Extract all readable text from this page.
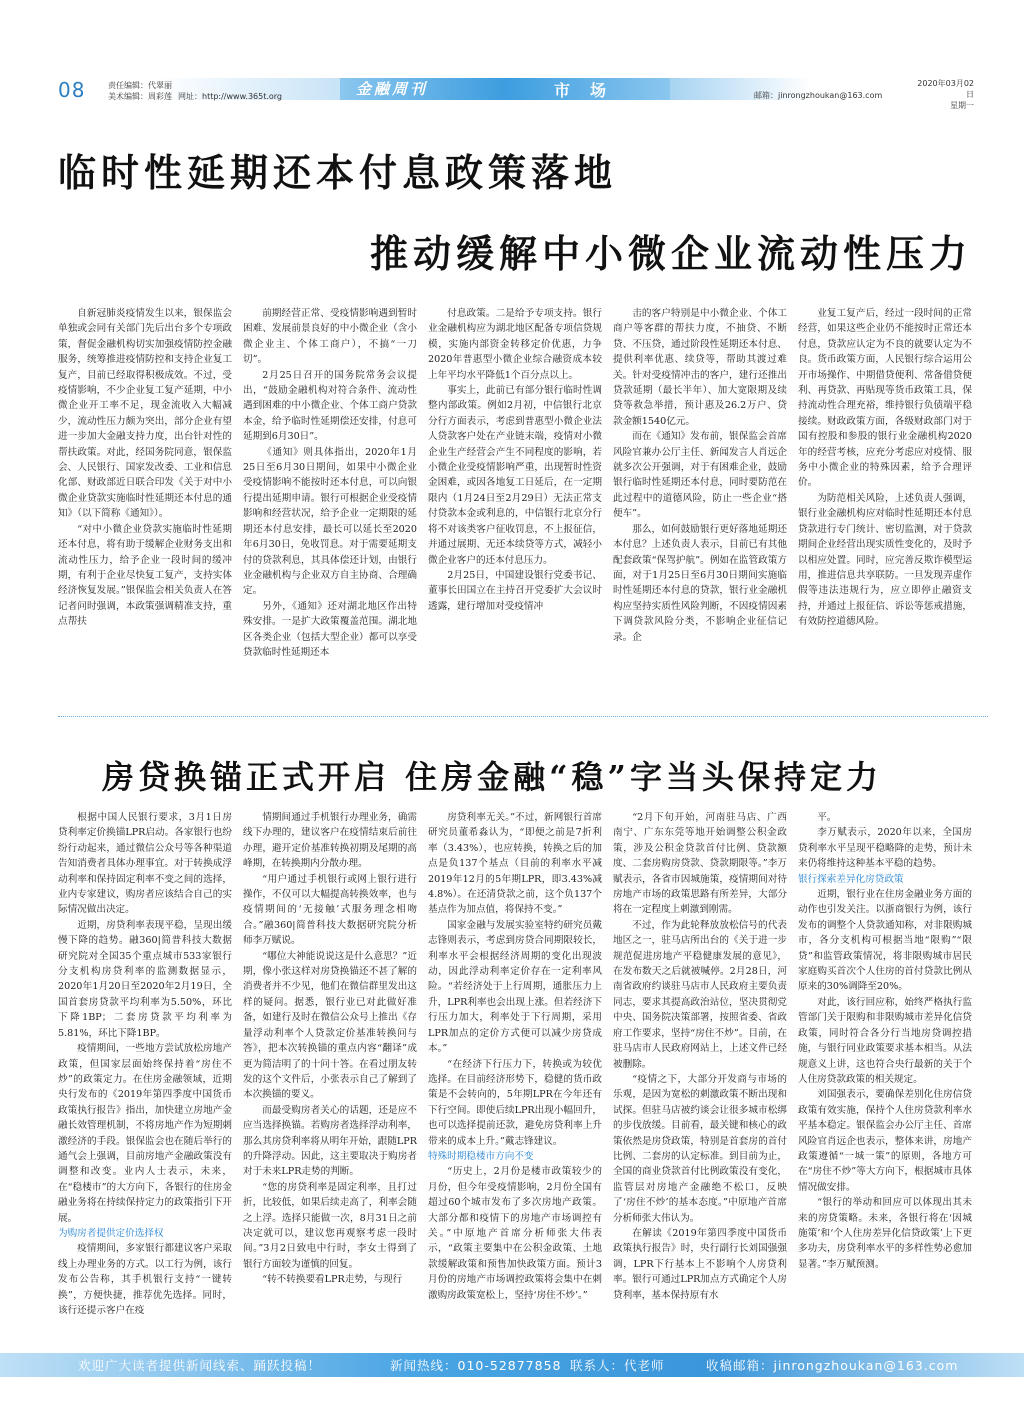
08	责任编辑：代翠丽
美术编辑：周彩莲 网址：http://www.365t.org	金融周刊	市场	邮箱：jinrongzhoukan@163.com
2020年03月02日
星期一
临时性延期还本付息政策落地
推动缓解中小微企业流动性压力

自新冠肺炎疫情发生以来，银保监会单独或会同有关部门先后出台多个专项政策，督促金融机构切实加强疫情防控金融服务，统筹推进疫情防控和支持企业复工复产，目前已经取得积极成效。不过，受疫情影响，不少企业复工复产延期，中小微企业开工率不足，现金流收入大幅减少，流动性压力颇为突出，部分企业有望进一步加大金融支持力度，出台针对性的帮扶政策。对此，经国务院同意，银保监会、人民银行、国家发改委、工业和信息化部、财政部近日联合印发《关于对中小微企业贷款实施临时性延期还本付息的通知》（以下简称《通知》）。

“对中小微企业贷款实施临时性延期还本付息，将有助于缓解企业财务支出和流动性压力，给予企业一段时间的缓冲期，有利于企业尽快复工复产，支持实体经济恢复发展。”银保监会相关负责人在答记者问时强调，本政策强调精准支持，重点帮扶

前期经营正常、受疫情影响遇到暂时困难、发展前景良好的中小微企业（含小微企业主、个体工商户），不搞“一刀切”。

2月25日召开的国务院常务会议提出，“鼓励金融机构对符合条件、流动性遇到困难的中小微企业、个体工商户贷款本金，给予临时性延期偿还安排，付息可延期到6月30日”。

《通知》则具体指出，2020年1月25日至6月30日期间，如果中小微企业受疫情影响不能按时还本付息，可以向银行提出延期申请。银行可根据企业受疫情影响和经营状况，给予企业一定期限的延期还本付息安排，最长可以延长至2020年6月30日，免收罚息。对于需要延期支付的贷款利息，其具体偿还计划，由银行业金融机构与企业双方自主协商、合理确定。

另外，《通知》还对湖北地区作出特殊安排。一是扩大政策覆盖范围。湖北地区各类企业（包括大型企业）都可以享受贷款临时性延期还本

付息政策。二是给予专项支持。银行业金融机构应为湖北地区配备专项信贷规模，实施内部资金转移定价优惠，力争2020年普惠型小微企业综合融资成本较上年平均水平降低1个百分点以上。

事实上，此前已有部分银行临时性调整内部政策。例如2月初，中信银行北京分行方面表示，考虑到普惠型小微企业法人贷款客户处在产业链末端，疫情对小微企业生产经营会产生不同程度的影响，若小微企业受疫情影响严重，出现暂时性资金困难，或因各地复工日延后，在一定期限内（1月24日至2月29日）无法正常支付贷款本金或利息的，中信银行北京分行将不对该类客户征收罚息，不上报征信，并通过展期、无还本续贷等方式，减轻小微企业客户的还本付息压力。

2月25日，中国建设银行党委书记、董事长田国立在主持召开党委扩大会议时透露，建行增加对受疫情冲

击的客户特别是中小微企业、个体工商户等客群的帮扶力度，不抽贷、不断贷、不压贷，通过阶段性延期还本付息、提供利率优惠、续贷等，帮助其渡过难关。针对受疫情冲击的客户，建行还推出贷款延期（最长半年）、加大宽限期及续贷等救急举措，预计惠及26.2万户、贷款金额1540亿元。

而在《通知》发布前，银保监会首席风险官兼办公厅主任、新闻发言人肖远企就多次公开强调，对于有困难企业，鼓励银行临时性延期还本付息，同时要防范在此过程中的道德风险，防止一些企业“搭便车”。

那么，如何鼓励银行更好落地延期还本付息？上述负责人表示，目前已有其他配套政策“保驾护航”。例如在监管政策方面，对于1月25日至6月30日期间实施临时性延期还本付息的贷款，银行业金融机构应坚持实质性风险判断，不因疫情因素下调贷款风险分类，不影响企业征信记录。企

业复工复产后，经过一段时间的正常经营，如果这些企业仍不能按时正常还本付息，贷款应认定为不良的就要认定为不良。货币政策方面，人民银行综合运用公开市场操作、中期借贷便利、常备借贷便利、再贷款、再贴现等货币政策工具，保持流动性合理充裕，维持银行负债端平稳接续。财政政策方面，各级财政部门对于国有控股和参股的银行业金融机构2020年的经营考核，应充分考虑应对疫情、服务中小微企业的特殊因素，给予合理评价。

为防范相关风险，上述负责人强调，银行业金融机构应对临时性延期还本付息贷款进行专门统计、密切监测，对于贷款期间企业经营出现实质性变化的，及时予以相应处置。同时，应完善反欺诈模型运用，推进信息共享联防。一旦发现弄虚作假等违法违规行为，应立即停止融资支持，并通过上报征信、诉讼等惩戒措施，有效防控道德风险。

房贷换锚正式开启 住房金融“稳”字当头保持定力

根据中国人民银行要求，3月1日房贷利率定价换锚LPR启动。各家银行也纷纷行动起来，通过微信公众号等各种渠道告知消费者具体办理事宜。对于转换成浮动利率和保持固定利率不变之间的选择，业内专家建议，购房者应该结合自己的实际情况做出决定。

近期，房贷利率表现平稳，呈现出缓慢下降的趋势。融360|简普科技大数据研究院对全国35个重点城市533家银行分支机构房贷利率的监测数据显示，2020年1月20日至2020年2月19日，全国首套房贷款平均利率为5.50%，环比下降1BP；二套房贷款平均利率为5.81%，环比下降1BP。

疫情期间，一些地方尝试放松房地产政策，但国家层面始终保持着“房住不炒”的政策定力。在住房金融领域，近期央行发布的《2019年第四季度中国货币政策执行报告》指出，加快建立房地产金融长效管理机制，不将房地产作为短期刺激经济的手段。银保监会也在随后举行的通气会上强调，目前房地产金融政策没有调整和改变。业内人士表示，未来，在“稳楼市”的大方向下，各银行的住房金融业务将在持续保持定力的政策指引下开展。

为购房者提供定价选择权

疫情期间，多家银行都建议客户采取线上办理业务的方式。以工行为例，该行发布公告称，其手机银行支持“一键转换”，方便快捷，推荐优先选择。同时，该行还提示客户在疫

情期间通过手机银行办理业务，确需线下办理的，建议客户在疫情结束后前往办理，避开定价基准转换初期及尾期的高峰期，在转换期内分散办理。

“用户通过手机银行或网上银行进行操作，不仅可以大幅提高转换效率，也与疫情期间的‘无接触’式服务理念相吻合。”融360|简普科技大数据研究院分析师李万赋说。

“哪位大神能说说这是什么意思？”近期，像小张这样对房贷换锚还不甚了解的消费者并不少见，他们在微信群里发出这样的疑问。据悉，银行业已对此做好准备，如建行及时在微信公众号上推出《存量浮动利率个人贷款定价基准转换问与答》，把本次转换锚的重点内容“翻译”成更为简洁明了的十问十答。在看过朋友转发的这个文件后，小张表示自己了解到了本次换锚的要义。

而最受购房者关心的话题，还是应不应当选择换锚。若购房者选择浮动利率，那么其房贷利率将从明年开始，跟随LPR的升降浮动。因此，这主要取决于购房者对于未来LPR走势的判断。

“您的房贷利率是固定利率，且打过折，比较低，如果后续走高了，利率会随之上浮。选择只能做一次，8月31日之前决定就可以，建议您再观察考虑一段时间。”3月2日致电中行时，李女士得到了银行方面较为谨慎的回复。

“转不转换要看LPR走势，与现行

房贷利率无关。”不过，新网银行首席研究员董希淼认为，“即便之前是7折利率（3.43%），也应转换，转换之后的加点是负137个基点（目前的利率水平减2019年12月的5年期LPR，即3.43%减4.8%）。在还清贷款之前，这个负137个基点作为加点值，将保持不变。”

国家金融与发展实验室特约研究员戴志锋则表示，考虑到房贷合同期限较长，利率水平会根据经济周期的变化出现波动，因此浮动利率定价存在一定利率风险。“若经济处于上行周期，通胀压力上升，LPR利率也会出现上涨。但若经济下行压力加大，利率处于下行周期，采用LPR加点的定价方式便可以减少房贷成本。”

“在经济下行压力下，转换或为较优选择。在目前经济形势下，稳健的货币政策是不会转向的，5年期LPR在今年还有下行空间。即使后续LPR出现小幅回升，也可以选择提前还款，避免房贷利率上升带来的成本上升。”戴志锋建议。

特殊时期稳楼市方向不变

“历史上，2月份是楼市政策较少的月份，但今年受疫情影响，2月份全国有超过60个城市发布了多次房地产政策。大部分都和疫情下的房地产市场调控有关。”中原地产首席分析师张大伟表示，“政策主要集中在公积金政策、土地款缓解政策和预售加快政策方面。预计3月份的房地产市场调控政策将会集中在刺激购房政策宽松上，坚持‘房住不炒’。”

“2月下旬开始，河南驻马店、广西南宁、广东东莞等地开始调整公积金政策，涉及公积金贷款首付比例、贷款额度、二套房购房贷款、贷款期限等。”李万赋表示，各省市因城施策，疫情期间对待房地产市场的政策思路有所差异，大部分将在一定程度上刺激到刚需。

不过，作为此轮释放放松信号的代表地区之一，驻马店所出台的《关于进一步规范促进房地产平稳健康发展的意见》，在发布数天之后就被喊停。2月28日，河南省政府约谈驻马店市人民政府主要负责同志，要求其提高政治站位，坚决贯彻党中央、国务院决策部署，按照省委、省政府工作要求，坚持“房住不炒”。目前，在驻马店市人民政府网站上，上述文件已经被删除。

“疫情之下，大部分开发商与市场的乐观，是因为宽松的刺激政策不断出现和试探。但驻马店被约谈会让很多城市松绑的步伐放缓。目前看，最关键和核心的政策依然是房贷政策，特别是首套房的首付比例、二套房的认定标准。到目前为止，全国的商业贷款首付比例政策没有变化，监管层对房地产金融绝不松口，反映了‘房住不炒’的基本态度。”中原地产首席分析师张大伟认为。

在解读《2019年第四季度中国货币政策执行报告》时，央行副行长刘国强强调，LPR下行基本上不影响个人房贷利率。银行可通过LPR加点方式确定个人房贷利率，基本保持原有水

平。

李万赋表示，2020年以来，全国房贷利率水平呈现平稳略降的走势，预计未来仍将维持这种基本平稳的趋势。

银行探索差异化房贷政策

近期，银行业在住房金融业务方面的动作也引发关注。以浙商银行为例，该行发布的调整个人贷款通知称，对非限购城市，各分支机构可根据当地“限购”“限贷”和监管政策情况，将非限购城市居民家庭购买首次个人住房的首付贷款比例从原来的30%调降至20%。

对此，该行回应称，始终严格执行监管部门关于限购和非限购城市差异化信贷政策，同时符合各分行当地房贷调控措施，与银行同业政策要求基本相当。从法规意义上讲，这也符合央行最新的关于个人住房贷款政策的相关规定。

刘国强表示，要确保差别化住房信贷政策有效实施，保持个人住房贷款利率水平基本稳定。银保监会办公厅主任、首席风险官肖远企也表示，整体来讲，房地产政策遵循“一城一策”的原则，各地方可在“房住不炒”等大方向下，根据城市具体情况做安排。

“银行的举动和回应可以体现出其未来的房贷策略。未来，各银行将在‘因城施策’和‘个人住房差异化信贷政策’上下更多功夫，房贷利率水平的多样性势必愈加显著。”李万赋预测。

欢迎广大读者提供新闻线索、踊跃投稿！	新闻热线：010-52877858 联系人：代老师	收稿邮箱：jinrongzhoukan@163.com
